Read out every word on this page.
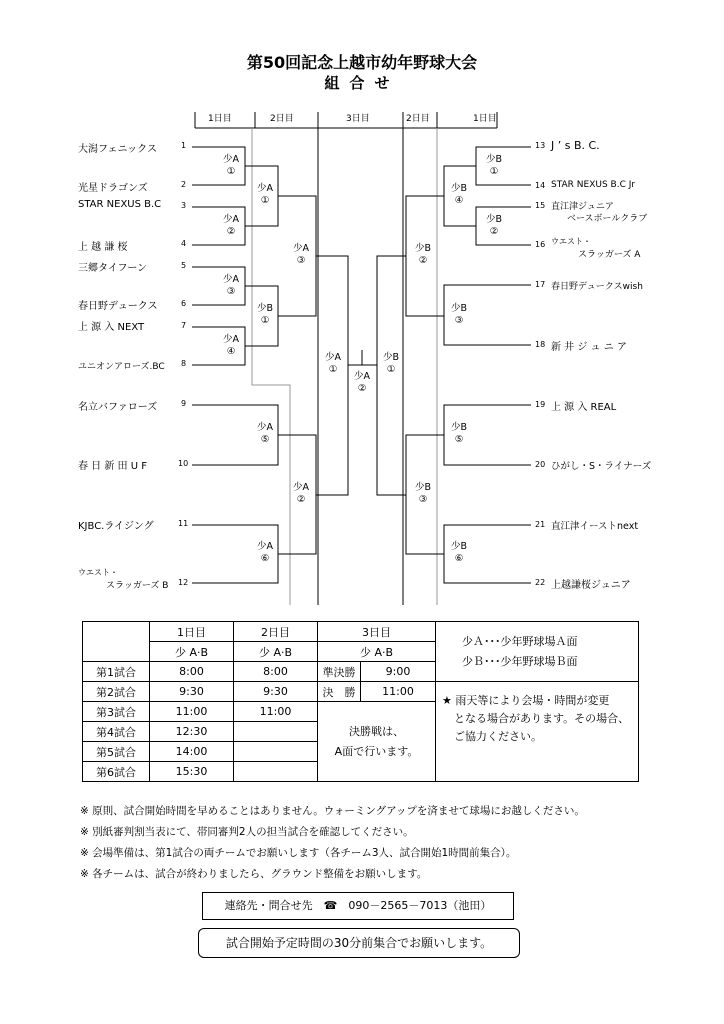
第50回記念上越市幼年野球大会
組合せ
1日目	2日目	3日目	2日目	1日目
大潟フェニックス	1
光星ドラゴンズ	2
STAR NEXUS B.C 3
上 越 謙 桜	4
三郷タイフーン	5
春日野デュークス	6
上 源 入 NEXT	7
ユニオンアローズ.BC 8
名立バファローズ	9
春 日 新 田 U F	10
KJBC.ライジング	11
ウエスト・
スラッガーズ B 12
13 J ’ s B. C.
14 STAR NEXUS B.C Jr
15 直江津ジュニア
ベースボールクラブ
16 ウエスト・
スラッガーズ A
17 春日野デュークスwish
18 新 井 ジ ュ ニ ア
19 上 源 入 REAL
20 ひがし・S・ライナーズ
21 直江津イーストnext
22 上越謙桜ジュニア
少A
①
少A
②
少A
③
少A
④
少A
①
少B
①
少A
③
少A
⑤
少A
⑥
少A
②
少A
①
少A
②
少B
①
少B
①
少B
②
少B
④
少B
③
少B
②
少B
⑤
少B
⑥
少B
③
	1日目	2日目	3日目		少Ａ･･･少年野球場Ａ面
少Ｂ･･･少年野球場Ｂ面
	少 A·B	少 A·B	少 A·B		
第1試合	8:00	8:00	準決勝	9:00	
第2試合	9:30	9:30	決　勝	11:00	★ 雨天等により会場・時間が変更
となる場合があります。その場合、
ご協力ください。
第3試合	11:00	11:00	決勝戦は、
A面で行います。		
第4試合	12:30				
第5試合	14:00				
第6試合	15:30				
※ 原則、試合開始時間を早めることはありません。ウォーミングアップを済ませて球場にお越しください。
※ 別紙審判割当表にて、帯同審判2人の担当試合を確認してください。
※ 会場準備は、第1試合の両チームでお願いします（各チーム3人、試合開始1時間前集合）。
※ 各チームは、試合が終わりましたら、グラウンド整備をお願いします。
連絡先・問合せ先　☎　090－2565－7013（池田）
試合開始予定時間の30分前集合でお願いします。
